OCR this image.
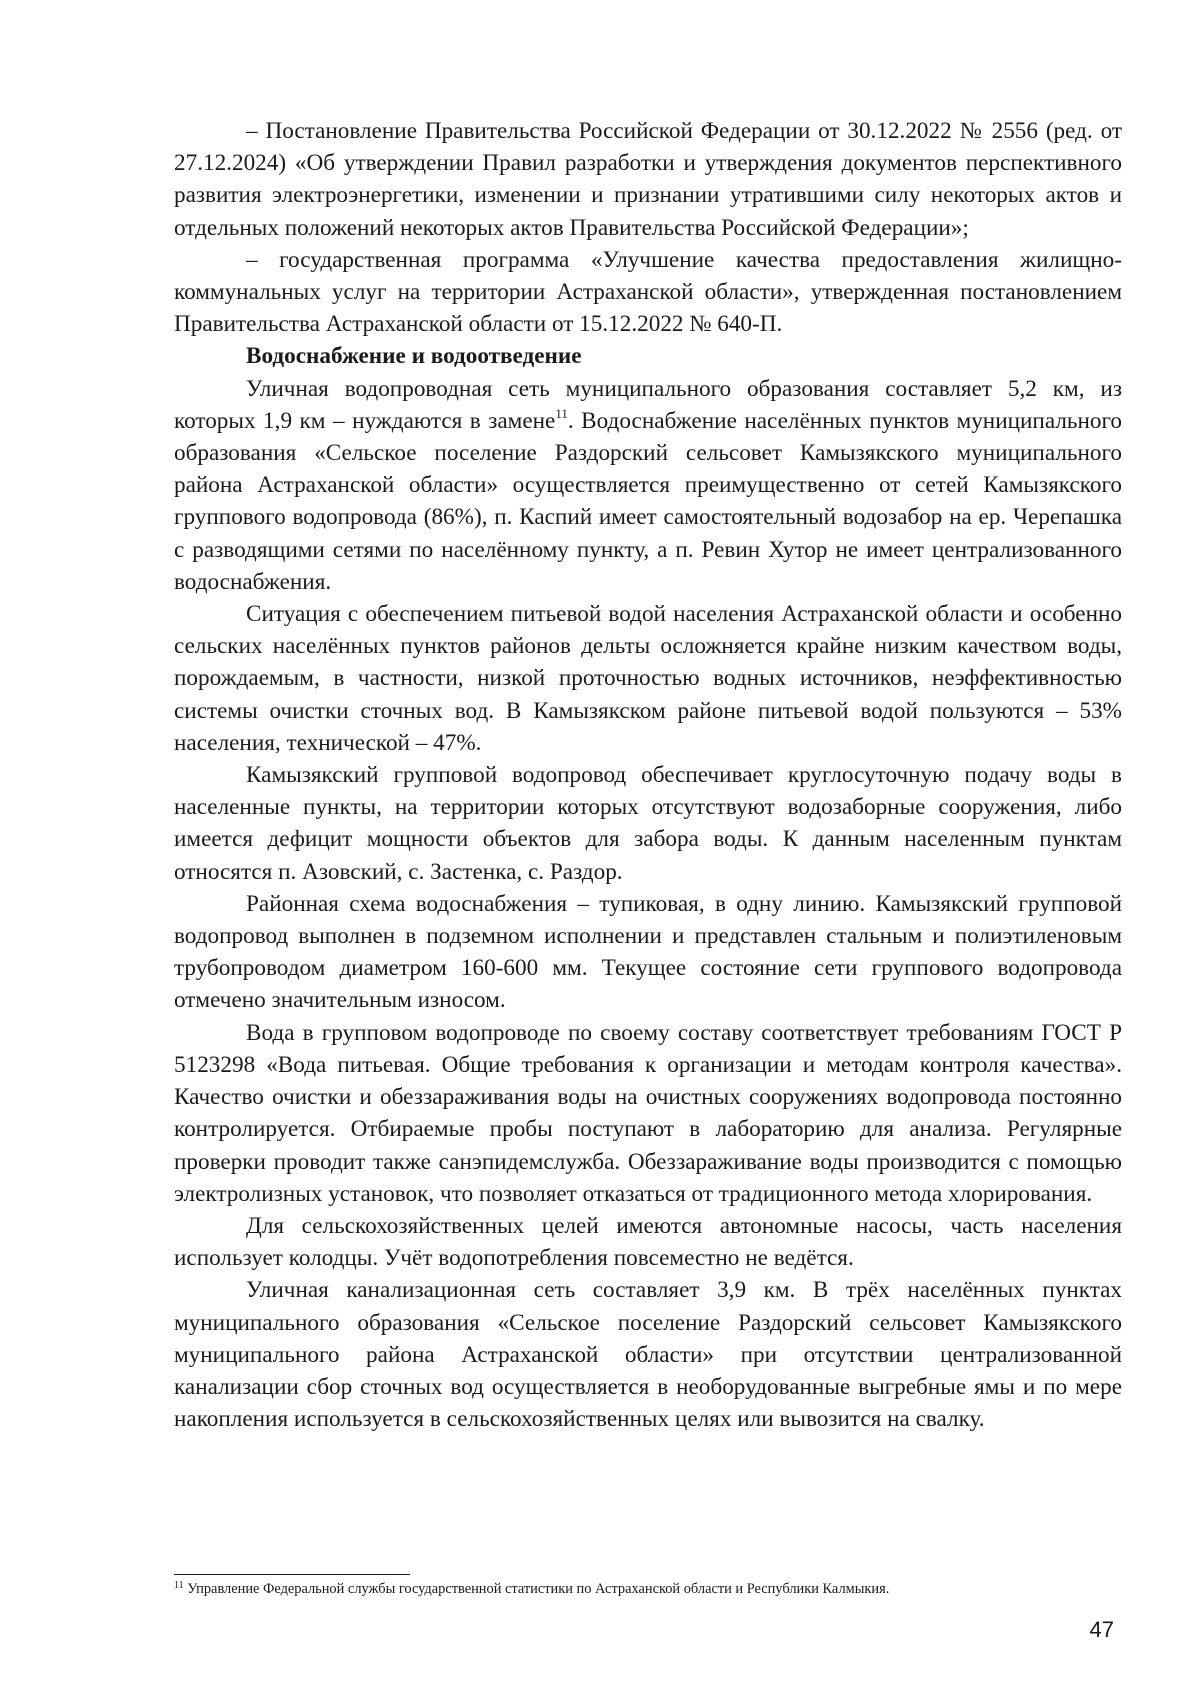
– Постановление Правительства Российской Федерации от 30.12.2022 № 2556 (ред. от 27.12.2024) «Об утверждении Правил разработки и утверждения документов перспективного развития электроэнергетики, изменении и признании утратившими силу некоторых актов и отдельных положений некоторых актов Правительства Российской Федерации»;

– государственная программа «Улучшение качества предоставления жилищно-коммунальных услуг на территории Астраханской области», утвержденная постановлением Правительства Астраханской области от 15.12.2022 № 640-П.

Водоснабжение и водоотведение

Уличная водопроводная сеть муниципального образования составляет 5,2 км, из которых 1,9 км – нуждаются в замене$^{11}$. Водоснабжение населённых пунктов муниципального образования «Сельское поселение Раздорский сельсовет Камызякского муниципального района Астраханской области» осуществляется преимущественно от сетей Камызякского группового водопровода (86%), п. Каспий имеет самостоятельный водозабор на ер. Черепашка с разводящими сетями по населённому пункту, а п. Ревин Хутор не имеет централизованного водоснабжения.

Ситуация с обеспечением питьевой водой населения Астраханской области и особенно сельских населённых пунктов районов дельты осложняется крайне низким качеством воды, порождаемым, в частности, низкой проточностью водных источников, неэффективностью системы очистки сточных вод. В Камызякском районе питьевой водой пользуются – 53% населения, технической – 47%.

Камызякский групповой водопровод обеспечивает круглосуточную подачу воды в населенные пункты, на территории которых отсутствуют водозаборные сооружения, либо имеется дефицит мощности объектов для забора воды. К данным населенным пунктам относятся п. Азовский, с. Застенка, с. Раздор.

Районная схема водоснабжения – тупиковая, в одну линию. Камызякский групповой водопровод выполнен в подземном исполнении и представлен стальным и полиэтиленовым трубопроводом диаметром 160-600 мм. Текущее состояние сети группового водопровода отмечено значительным износом.

Вода в групповом водопроводе по своему составу соответствует требованиям ГОСТ Р 5123298 «Вода питьевая. Общие требования к организации и методам контроля качества». Качество очистки и обеззараживания воды на очистных сооружениях водопровода постоянно контролируется. Отбираемые пробы поступают в лабораторию для анализа. Регулярные проверки проводит также санэпидемслужба. Обеззараживание воды производится с помощью электролизных установок, что позволяет отказаться от традиционного метода хлорирования.

Для сельскохозяйственных целей имеются автономные насосы, часть населения использует колодцы. Учёт водопотребления повсеместно не ведётся.

Уличная канализационная сеть составляет 3,9 км. В трёх населённых пунктах муниципального образования «Сельское поселение Раздорский сельсовет Камызякского муниципального района Астраханской области» при отсутствии централизованной канализации сбор сточных вод осуществляется в необорудованные выгребные ямы и по мере накопления используется в сельскохозяйственных целях или вывозится на свалку.

$^{11}$ Управление Федеральной службы государственной статистики по Астраханской области и Республики Калмыкия.
47
